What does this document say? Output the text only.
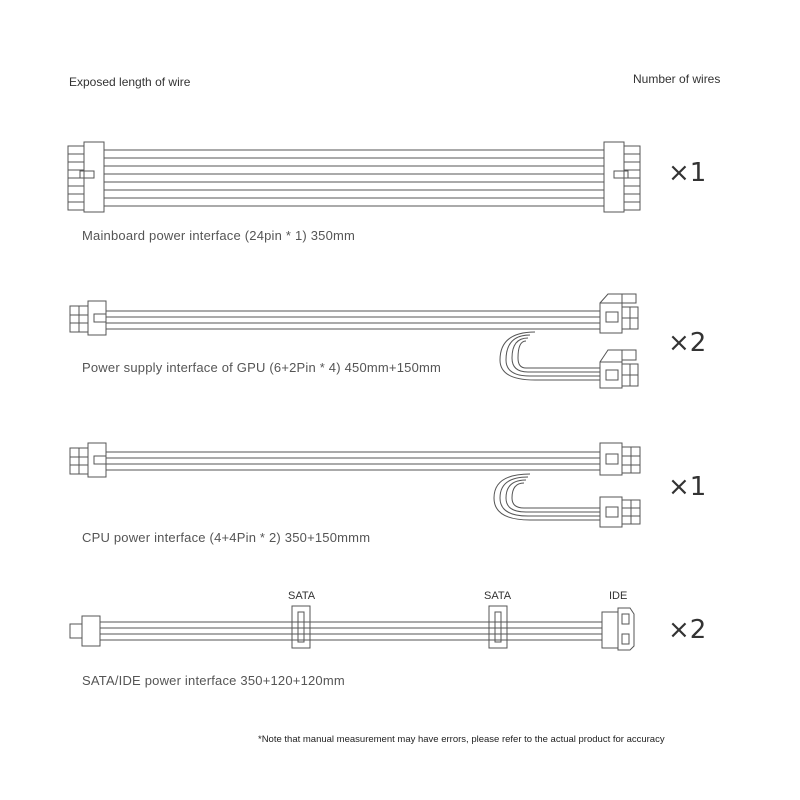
Exposed length of wire	Number of wires
×1
Mainboard power interface (24pin * 1) 350mm
×2
Power supply interface of GPU (6+2Pin * 4) 450mm+150mm
×1
CPU power interface (4+4Pin * 2) 350+150mmm
SATA	SATA	IDE
×2
SATA/IDE power interface 350+120+120mm
*Note that manual measurement may have errors, please refer to the actual product for accuracy
